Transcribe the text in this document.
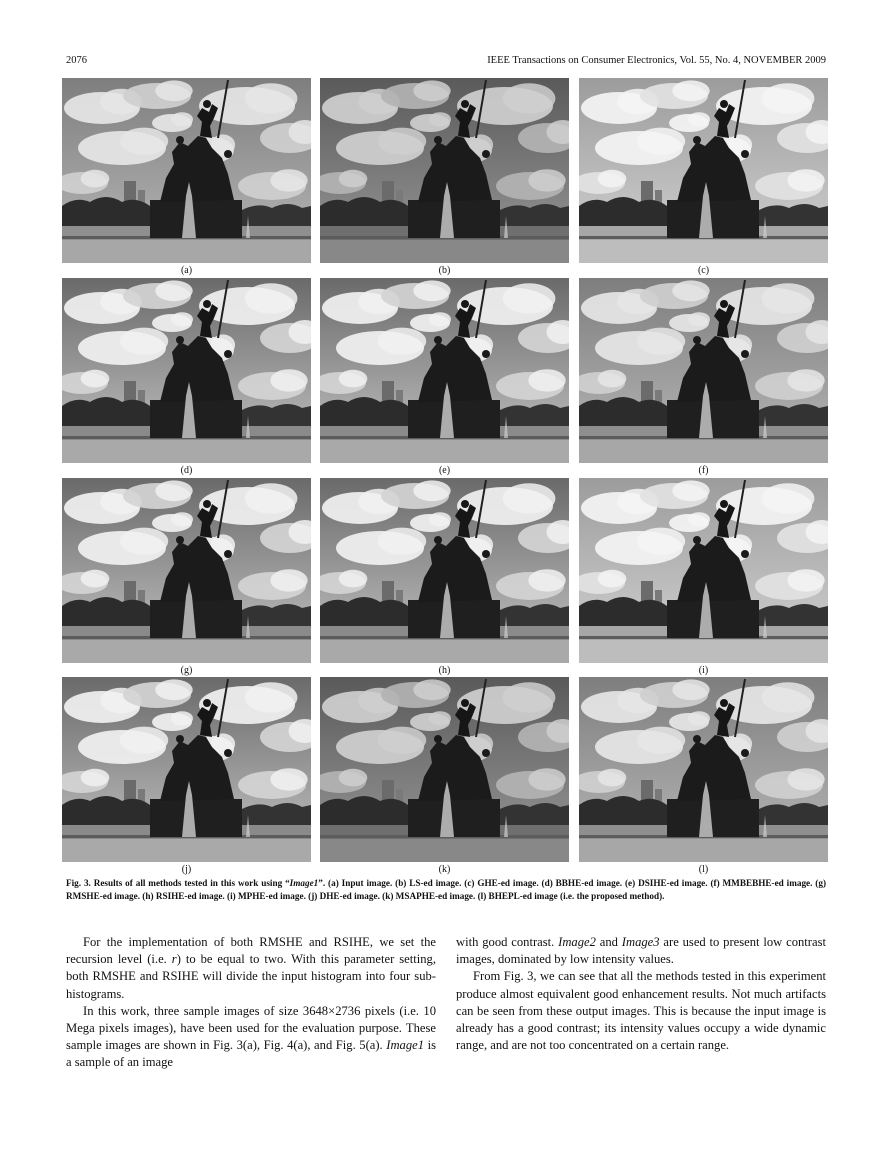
2076	IEEE Transactions on Consumer Electronics, Vol. 55, No. 4, NOVEMBER 2009
(a)	(b)	(c)
(d)	(e)	(f)
(g)	(h)	(i)
(j)	(k)	(l)
Fig. 3. Results of all methods tested in this work using “Image1”. (a) Input image. (b) LS-ed image. (c) GHE-ed image. (d) BBHE-ed image. (e) DSIHE-ed image. (f) MMBEBHE-ed image. (g) RMSHE-ed image. (h) RSIHE-ed image. (i) MPHE-ed image. (j) DHE-ed image. (k) MSAPHE-ed image. (l) BHEPL-ed image (i.e. the proposed method).

For the implementation of both RMSHE and RSIHE, we set the recursion level (i.e. r) to be equal to two. With this parameter setting, both RMSHE and RSIHE will divide the input histogram into four sub-histograms.

In this work, three sample images of size 3648×2736 pixels (i.e. 10 Mega pixels images), have been used for the evaluation purpose. These sample images are shown in Fig. 3(a), Fig. 4(a), and Fig. 5(a). Image1 is a sample of an image

with good contrast. Image2 and Image3 are used to present low contrast images, dominated by low intensity values.

From Fig. 3, we can see that all the methods tested in this experiment produce almost equivalent good enhancement results. Not much artifacts can be seen from these output images. This is because the input image is already has a good contrast; its intensity values occupy a wide dynamic range, and are not too concentrated on a certain range.
